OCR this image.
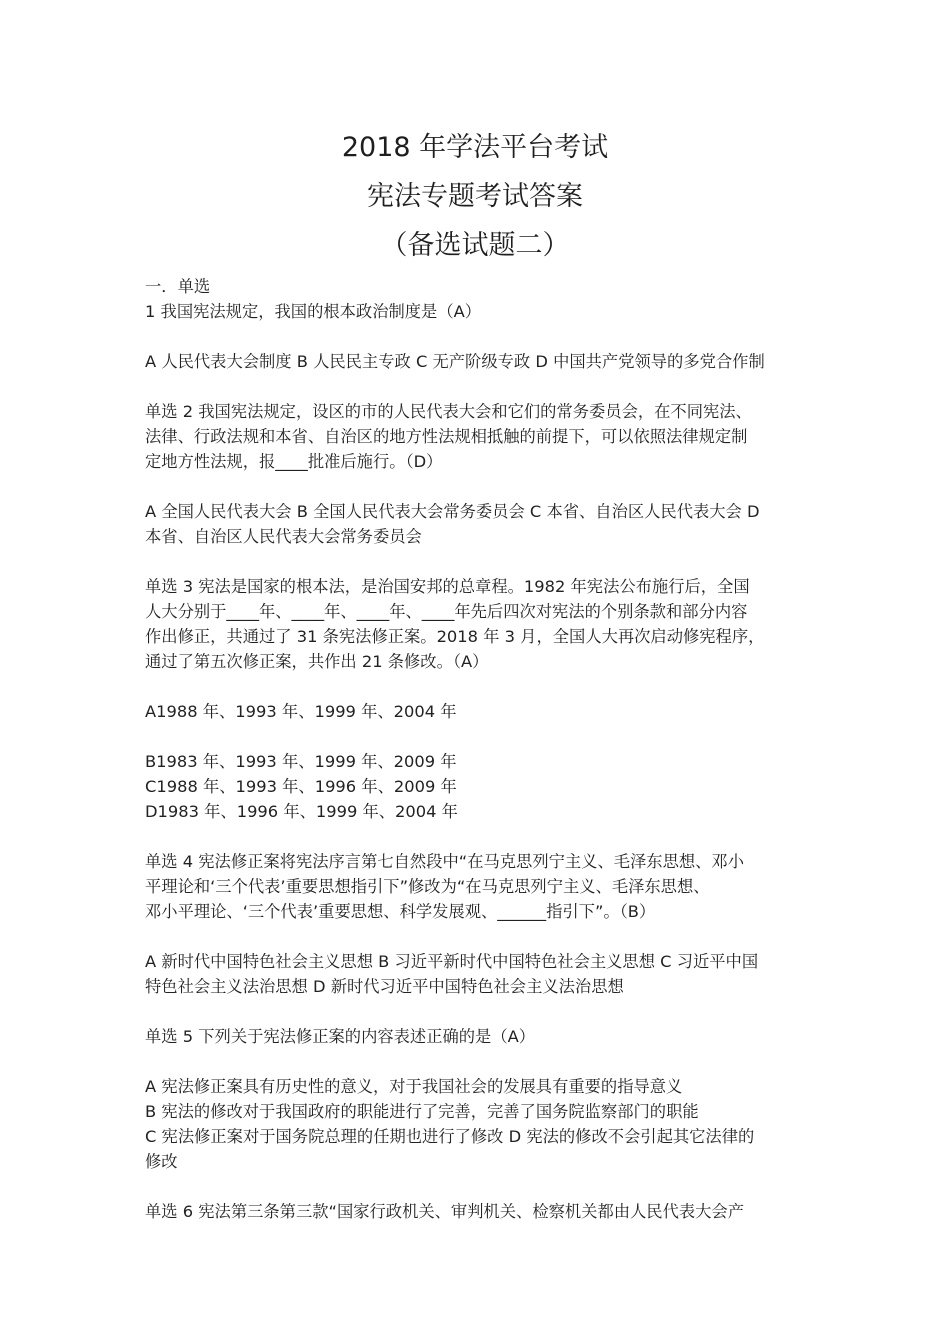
2018 年学法平台考试
宪法专题考试答案
（备选试题二）
一．单选
1 我国宪法规定，我国的根本政治制度是（A）
A 人民代表大会制度 B 人民民主专政 C 无产阶级专政 D 中国共产党领导的多党合作制
单选 2 我国宪法规定，设区的市的人民代表大会和它们的常务委员会，在不同宪法、
法律、行政法规和本省、自治区的地方性法规相抵触的前提下，可以依照法律规定制
定地方性法规，报____批准后施行。（D）
A 全国人民代表大会 B 全国人民代表大会常务委员会 C 本省、自治区人民代表大会 D
本省、自治区人民代表大会常务委员会
单选 3 宪法是国家的根本法，是治国安邦的总章程。1982 年宪法公布施行后，全国
人大分别于____年、____年、____年、____年先后四次对宪法的个别条款和部分内容
作出修正，共通过了 31 条宪法修正案。2018 年 3 月，全国人大再次启动修宪程序，
通过了第五次修正案，共作出 21 条修改。（A）
A1988 年、1993 年、1999 年、2004 年
B1983 年、1993 年、1999 年、2009 年
C1988 年、1993 年、1996 年、2009 年
D1983 年、1996 年、1999 年、2004 年
单选 4 宪法修正案将宪法序言第七自然段中“在马克思列宁主义、毛泽东思想、邓小
平理论和‘三个代表’重要思想指引下”修改为“在马克思列宁主义、毛泽东思想、
邓小平理论、‘三个代表’重要思想、科学发展观、______指引下”。（B）
A 新时代中国特色社会主义思想 B 习近平新时代中国特色社会主义思想 C 习近平中国
特色社会主义法治思想 D 新时代习近平中国特色社会主义法治思想
单选 5 下列关于宪法修正案的内容表述正确的是（A）
A 宪法修正案具有历史性的意义，对于我国社会的发展具有重要的指导意义
B 宪法的修改对于我国政府的职能进行了完善，完善了国务院监察部门的职能
C 宪法修正案对于国务院总理的任期也进行了修改 D 宪法的修改不会引起其它法律的
修改
单选 6 宪法第三条第三款“国家行政机关、审判机关、检察机关都由人民代表大会产
